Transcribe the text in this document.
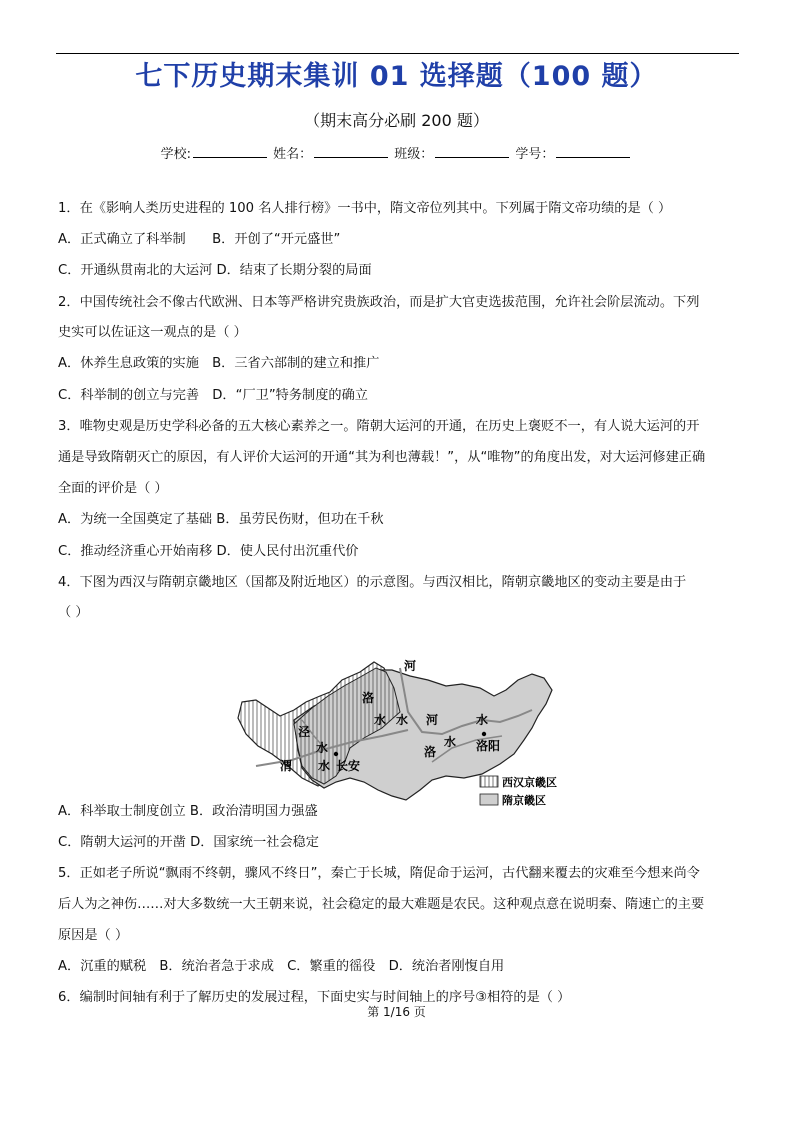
七下历史期末集训 01 选择题（100 题）
（期末高分必刷 200 题）
学校:	姓名：	班级：	学号：
1．在《影响人类历史进程的 100 名人排行榜》一书中，隋文帝位列其中。下列属于隋文帝功绩的是（ ）
A．正式确立了科举制　　B．开创了“开元盛世”
C．开通纵贯南北的大运河 D．结束了长期分裂的局面
2．中国传统社会不像古代欧洲、日本等严格讲究贵族政治，而是扩大官吏选拔范围，允许社会阶层流动。下列
史实可以佐证这一观点的是（ ）
A．休养生息政策的实施　B．三省六部制的建立和推广
C．科举制的创立与完善　D．“厂卫”特务制度的确立
3．唯物史观是历史学科必备的五大核心素养之一。隋朝大运河的开通，在历史上褒贬不一，有人说大运河的开
通是导致隋朝灭亡的原因，有人评价大运河的开通“其为利也薄载！”，从“唯物”的角度出发，对大运河修建正确
全面的评价是（ ）
A．为统一全国奠定了基础 B．虽劳民伤财，但功在千秋
C．推动经济重心开始南移 D．使人民付出沉重代价
4．下图为西汉与隋朝京畿地区（国都及附近地区）的示意图。与西汉相比，隋朝京畿地区的变动主要是由于
（ ）
河
泾
洛
水 水 河	水
渭
水
水
洛
水
长安
洛阳
西汉京畿区
隋京畿区
A．科举取士制度创立 B．政治清明国力强盛
C．隋朝大运河的开凿 D．国家统一社会稳定
5．正如老子所说“飘雨不终朝，骤风不终日”，秦亡于长城，隋促命于运河，古代翻来覆去的灾难至今想来尚令
后人为之神伤……对大多数统一大王朝来说，社会稳定的最大难题是农民。这种观点意在说明秦、隋速亡的主要
原因是（ ）
A．沉重的赋税　B．统治者急于求成　C．繁重的徭役　D．统治者刚愎自用
6．编制时间轴有利于了解历史的发展过程，下面史实与时间轴上的序号③相符的是（ ）
第 1/16 页
